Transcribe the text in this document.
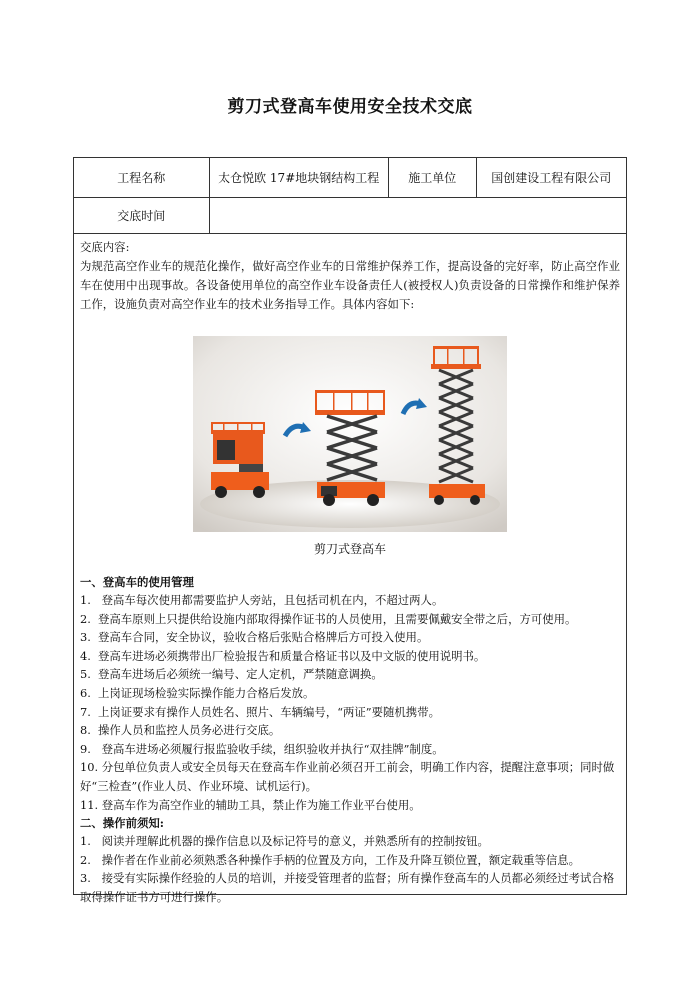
剪刀式登高车使用安全技术交底
工程名称	太仓悦欧 17#地块钢结构工程	施工单位	国创建设工程有限公司
交底时间
交底内容:
为规范高空作业车的规范化操作，做好高空作业车的日常维护保养工作，提高设备的完好率，防止高空作业车在使用中出现事故。各设备使用单位的高空作业车设备责任人(被授权人)负责设备的日常操作和维护保养工作，设施负责对高空作业车的技术业务指导工作。具体内容如下:
剪刀式登高车
一、登高车的使用管理
1. 登高车每次使用都需要监护人旁站，且包括司机在内，不超过两人。
2. 登高车原则上只提供给设施内部取得操作证书的人员使用，且需要佩戴安全带之后，方可使用。
3. 登高车合同，安全协议，验收合格后张贴合格牌后方可投入使用。
4. 登高车进场必须携带出厂检验报告和质量合格证书以及中文版的使用说明书。
5. 登高车进场后必须统一编号、定人定机，严禁随意调换。
6. 上岗证现场检验实际操作能力合格后发放。
7. 上岗证要求有操作人员姓名、照片、车辆编号，“两证”要随机携带。
8. 操作人员和监控人员务必进行交底。
9. 登高车进场必须履行报监验收手续，组织验收并执行“双挂牌”制度。
10. 分包单位负责人或安全员每天在登高车作业前必须召开工前会，明确工作内容，提醒注意事项；同时做好“三检查”(作业人员、作业环境、试机运行)。
11. 登高车作为高空作业的辅助工具，禁止作为施工作业平台使用。
二、操作前须知:
1. 阅读并理解此机器的操作信息以及标记符号的意义，并熟悉所有的控制按钮。
2. 操作者在作业前必须熟悉各种操作手柄的位置及方向，工作及升降互锁位置，额定载重等信息。
3. 接受有实际操作经验的人员的培训，并接受管理者的监督；所有操作登高车的人员都必须经过考试合格取得操作证书方可进行操作。
